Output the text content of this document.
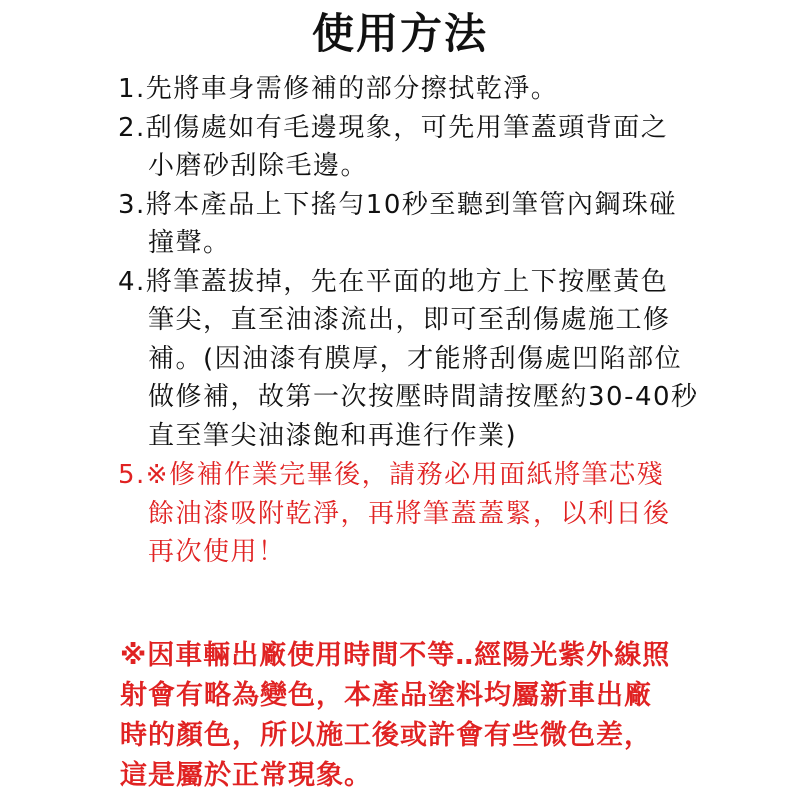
使用方法
1.先將車身需修補的部分擦拭乾淨。
2.刮傷處如有毛邊現象，可先用筆蓋頭背面之
小磨砂刮除毛邊。
3.將本產品上下搖勻10秒至聽到筆管內鋼珠碰
撞聲。
4.將筆蓋拔掉，先在平面的地方上下按壓黃色
筆尖，直至油漆流出，即可至刮傷處施工修
補。(因油漆有膜厚，才能將刮傷處凹陷部位
做修補，故第一次按壓時間請按壓約30-40秒
直至筆尖油漆飽和再進行作業)
5.※修補作業完畢後，請務必用面紙將筆芯殘
餘油漆吸附乾淨，再將筆蓋蓋緊，以利日後
再次使用！
※因車輛出廠使用時間不等‥經陽光紫外線照
射會有略為變色，本產品塗料均屬新車出廠
時的顏色，所以施工後或許會有些微色差，
這是屬於正常現象。
